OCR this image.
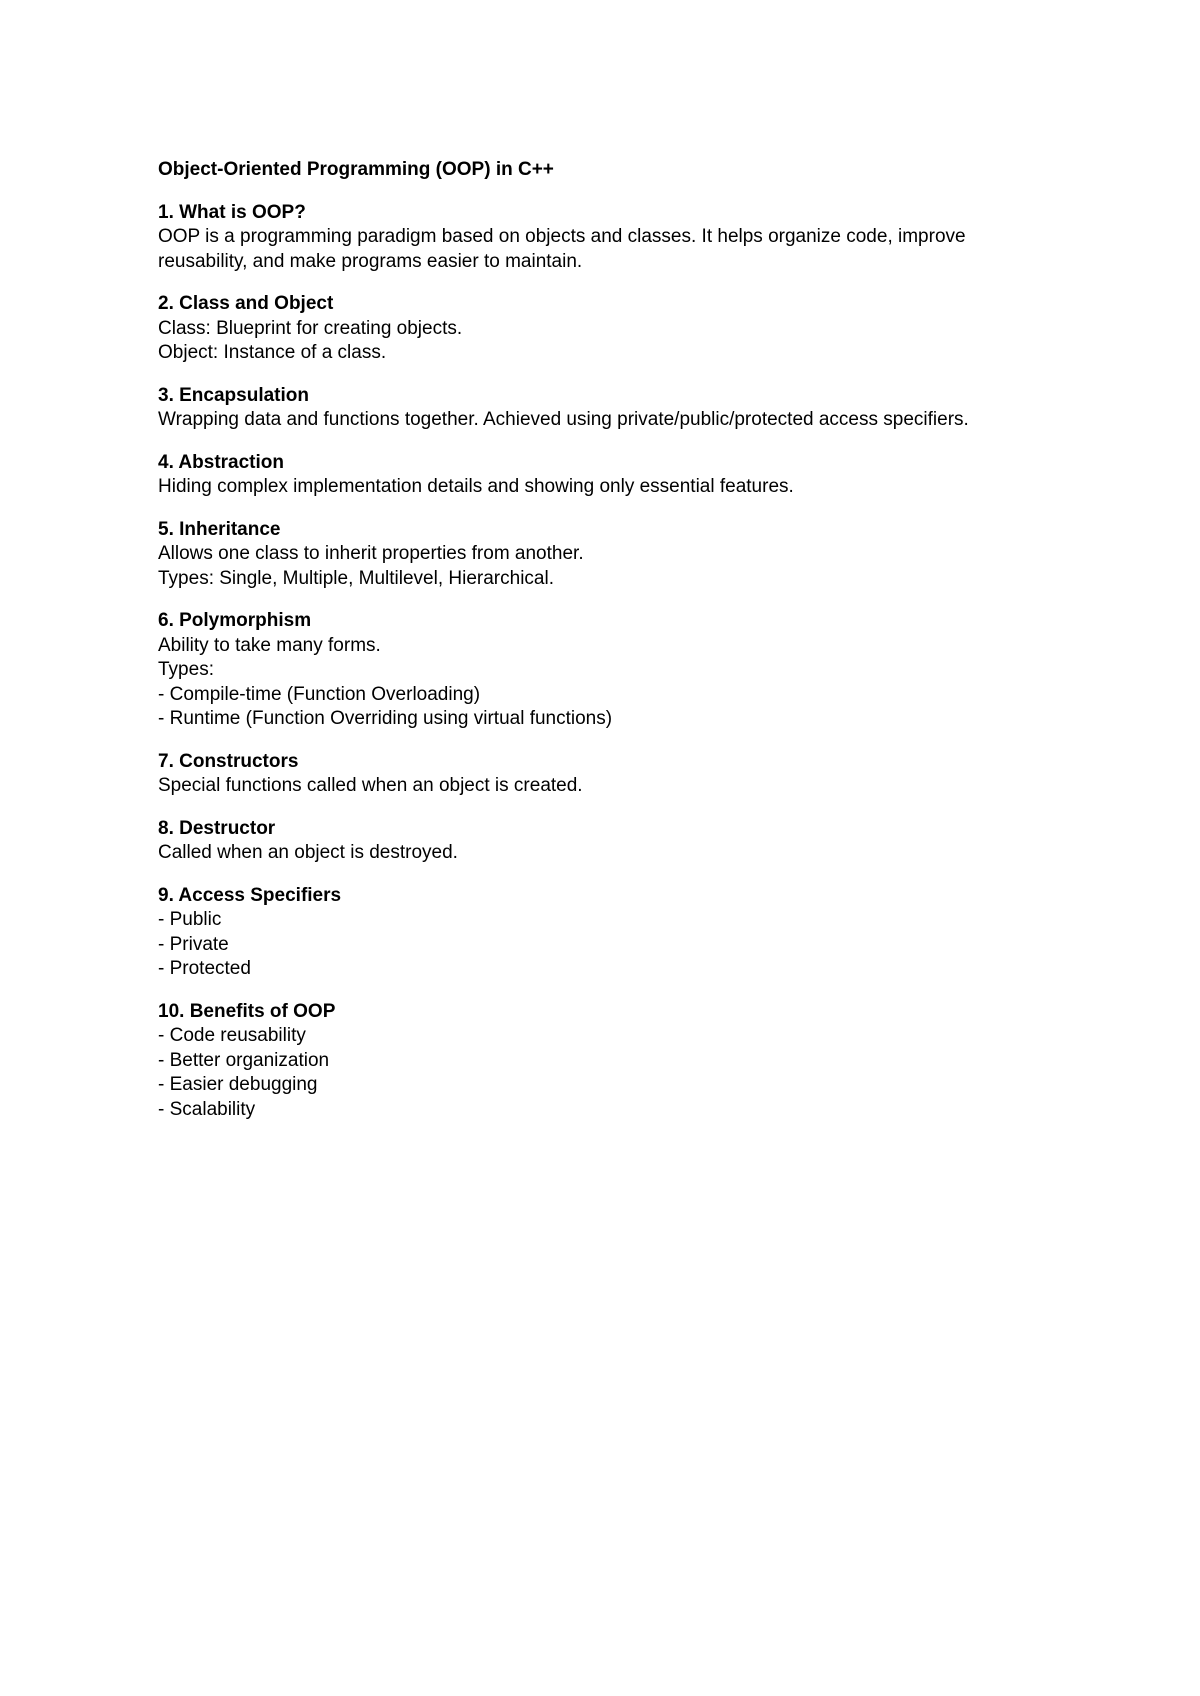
Object-Oriented Programming (OOP) in C++
1. What is OOP?
OOP is a programming paradigm based on objects and classes. It helps organize code, improve
reusability, and make programs easier to maintain.
2. Class and Object
Class: Blueprint for creating objects.
Object: Instance of a class.
3. Encapsulation
Wrapping data and functions together. Achieved using private/public/protected access specifiers.
4. Abstraction
Hiding complex implementation details and showing only essential features.
5. Inheritance
Allows one class to inherit properties from another.
Types: Single, Multiple, Multilevel, Hierarchical.
6. Polymorphism
Ability to take many forms.
Types:
- Compile-time (Function Overloading)
- Runtime (Function Overriding using virtual functions)
7. Constructors
Special functions called when an object is created.
8. Destructor
Called when an object is destroyed.
9. Access Specifiers
- Public
- Private
- Protected
10. Benefits of OOP
- Code reusability
- Better organization
- Easier debugging
- Scalability
